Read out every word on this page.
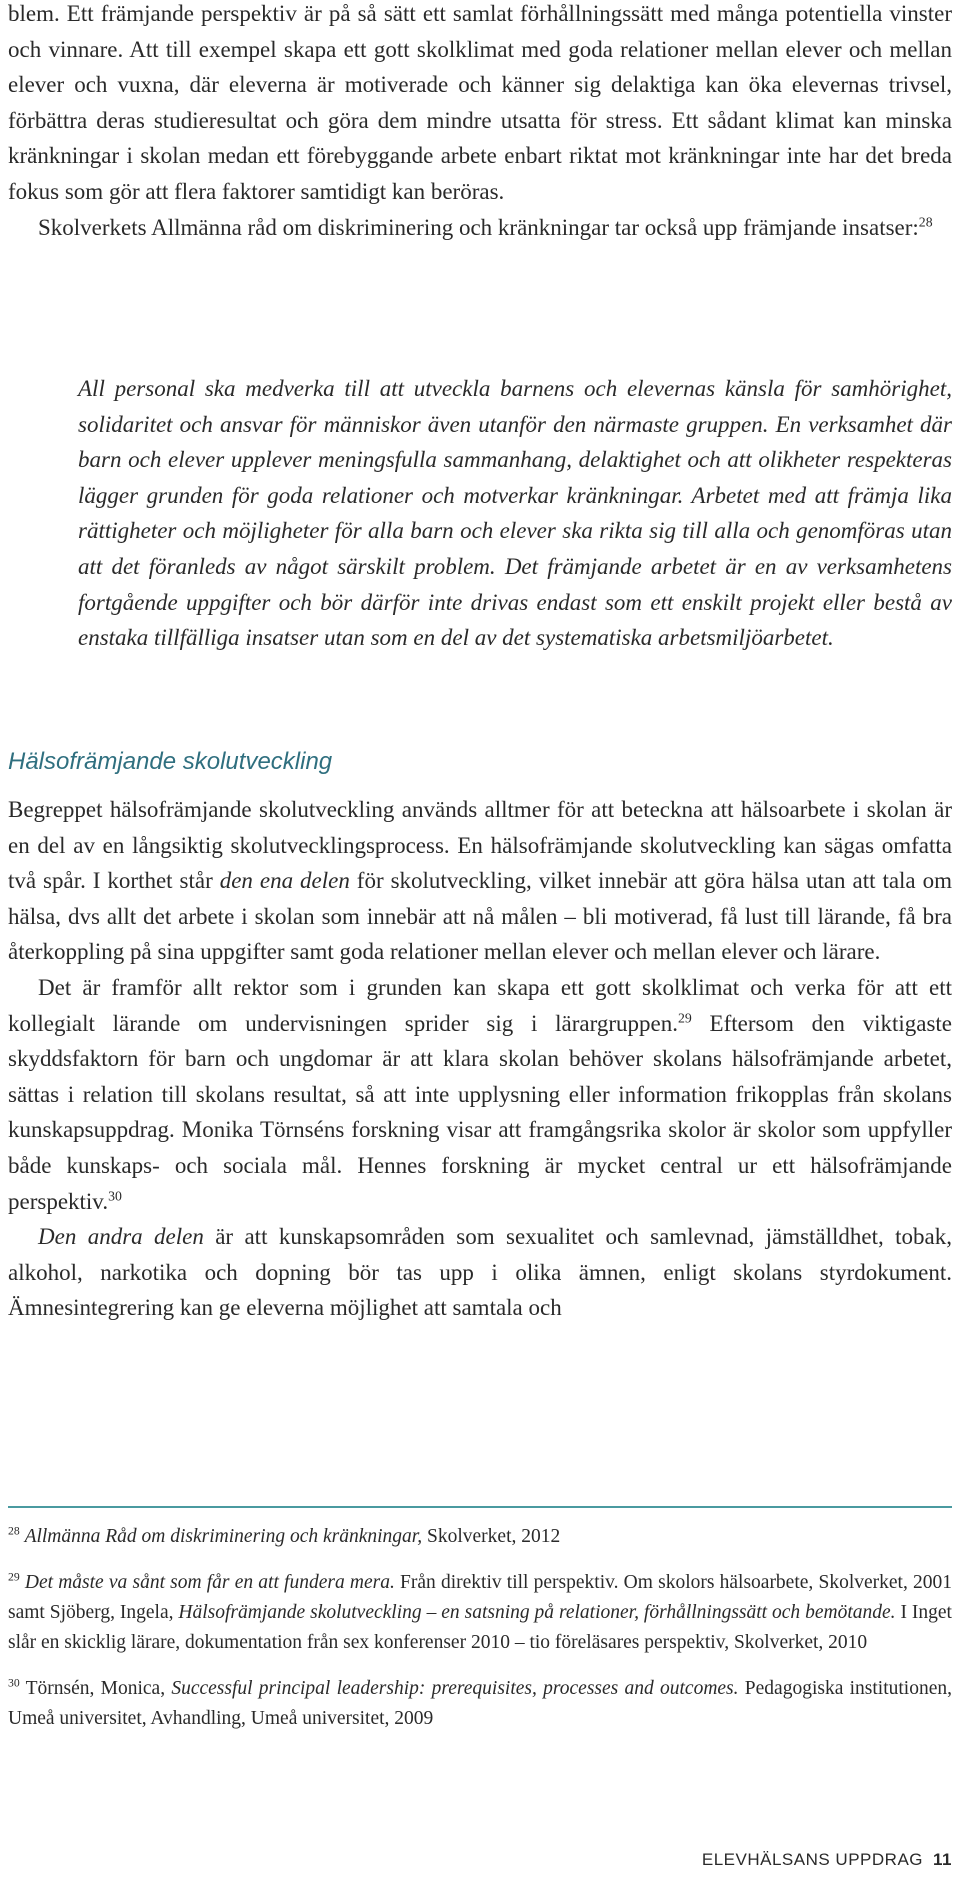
blem. Ett främjande perspektiv är på så sätt ett samlat förhållningssätt med många potentiella vinster och vinnare. Att till exempel skapa ett gott skolklimat med goda relationer mellan elever och mellan elever och vuxna, där eleverna är motiverade och känner sig delaktiga kan öka elevernas trivsel, förbättra deras studieresultat och göra dem mindre utsatta för stress. Ett sådant klimat kan minska kränkningar i skolan medan ett förebyggande arbete enbart riktat mot kränkningar inte har det breda fokus som gör att flera faktorer samtidigt kan beröras.

Skolverkets Allmänna råd om diskriminering och kränkningar tar också upp främjande insatser:$^{28}$

All personal ska medverka till att utveckla barnens och elevernas känsla för samhörighet, solidaritet och ansvar för människor även utanför den närmaste gruppen. En verksamhet där barn och elever upplever meningsfulla sammanhang, delaktighet och att olikheter respekteras lägger grunden för goda relationer och motverkar kränkningar. Arbetet med att främja lika rättigheter och möjligheter för alla barn och elever ska rikta sig till alla och genomföras utan att det föranleds av något särskilt problem. Det främjande arbetet är en av verksamhetens fortgående uppgifter och bör därför inte drivas endast som ett enskilt projekt eller bestå av enstaka tillfälliga insatser utan som en del av det systematiska arbetsmiljöarbetet.

Hälsofrämjande skolutveckling

Begreppet hälsofrämjande skolutveckling används alltmer för att beteckna att hälsoarbete i skolan är en del av en långsiktig skolutvecklingsprocess. En hälsofrämjande skolutveckling kan sägas omfatta två spår. I korthet står den ena delen för skolutveckling, vilket innebär att göra hälsa utan att tala om hälsa, dvs allt det arbete i skolan som innebär att nå målen – bli motiverad, få lust till lärande, få bra återkoppling på sina uppgifter samt goda relationer mellan elever och mellan elever och lärare.

Det är framför allt rektor som i grunden kan skapa ett gott skolklimat och verka för att ett kollegialt lärande om undervisningen sprider sig i lärargruppen.$^{29}$ Eftersom den viktigaste skyddsfaktorn för barn och ungdomar är att klara skolan behöver skolans hälsofrämjande arbetet, sättas i relation till skolans resultat, så att inte upplysning eller information frikopplas från skolans kunskapsuppdrag. Monika Törnséns forskning visar att framgångsrika skolor är skolor som uppfyller både kunskaps- och sociala mål. Hennes forskning är mycket central ur ett hälsofrämjande perspektiv.$^{30}$

Den andra delen är att kunskapsområden som sexualitet och samlevnad, jämställdhet, tobak, alkohol, narkotika och dopning bör tas upp i olika ämnen, enligt skolans styrdokument. Ämnesintegrering kan ge eleverna möjlighet att samtala och

$^{28}$ Allmänna Råd om diskriminering och kränkningar, Skolverket, 2012

$^{29}$ Det måste va sånt som får en att fundera mera. Från direktiv till perspektiv. Om skolors hälsoarbete, Skolverket, 2001 samt Sjöberg, Ingela, Hälsofrämjande skolutveckling – en satsning på relationer, förhållningssätt och bemötande. I Inget slår en skicklig lärare, dokumentation från sex konferenser 2010 – tio föreläsares perspektiv, Skolverket, 2010

$^{30}$ Törnsén, Monica, Successful principal leadership: prerequisites, processes and outcomes. Pedagogiska institutionen, Umeå universitet, Avhandling, Umeå universitet, 2009

ELEVHÄLSANS UPPDRAG 11
